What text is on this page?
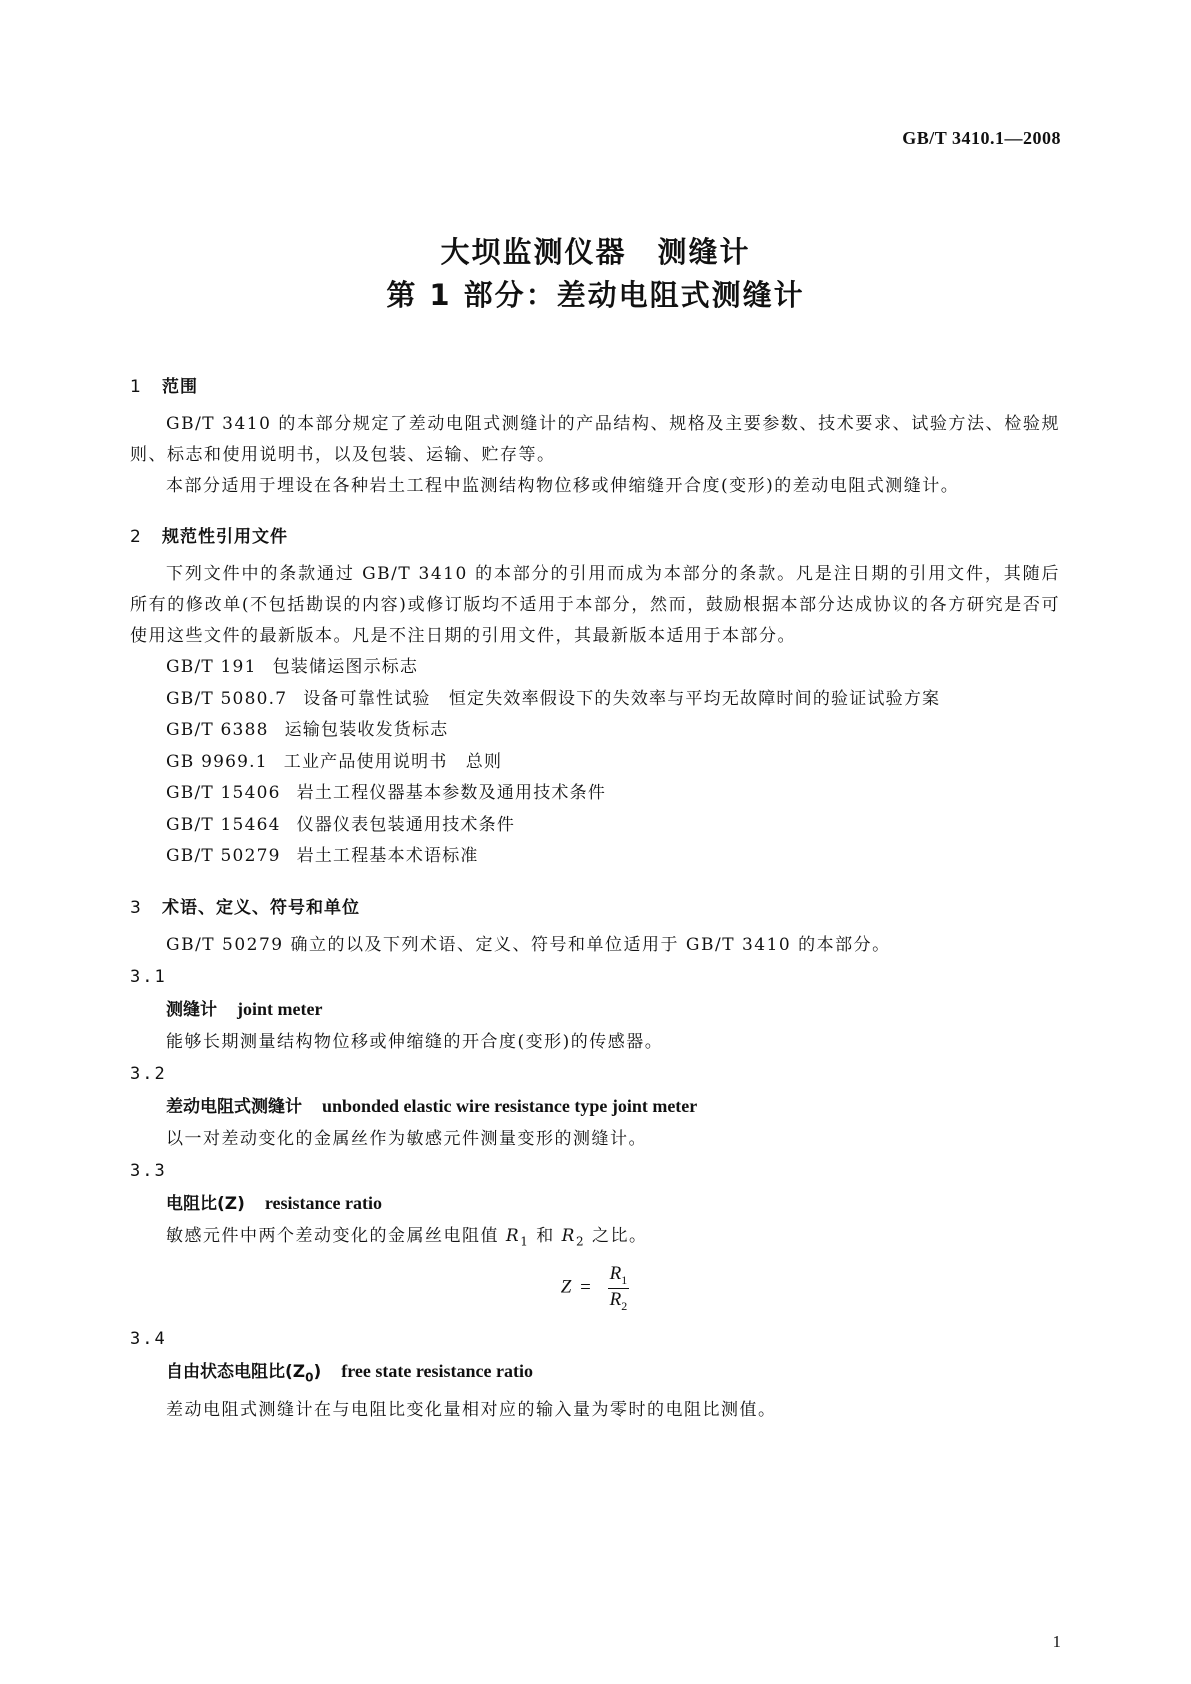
GB/T 3410.1—2008
大坝监测仪器　测缝计
第 1 部分：差动电阻式测缝计

1 范围

GB/T 3410 的本部分规定了差动电阻式测缝计的产品结构、规格及主要参数、技术要求、试验方法、检验规则、标志和使用说明书，以及包装、运输、贮存等。

本部分适用于埋设在各种岩土工程中监测结构物位移或伸缩缝开合度(变形)的差动电阻式测缝计。

2 规范性引用文件

下列文件中的条款通过 GB/T 3410 的本部分的引用而成为本部分的条款。凡是注日期的引用文件，其随后所有的修改单(不包括勘误的内容)或修订版均不适用于本部分，然而，鼓励根据本部分达成协议的各方研究是否可使用这些文件的最新版本。凡是不注日期的引用文件，其最新版本适用于本部分。

GB/T 191 包装储运图示标志
GB/T 5080.7 设备可靠性试验　恒定失效率假设下的失效率与平均无故障时间的验证试验方案
GB/T 6388 运输包装收发货标志
GB 9969.1 工业产品使用说明书　总则
GB/T 15406 岩土工程仪器基本参数及通用技术条件
GB/T 15464 仪器仪表包装通用技术条件
GB/T 50279 岩土工程基本术语标准

3 术语、定义、符号和单位

GB/T 50279 确立的以及下列术语、定义、符号和单位适用于 GB/T 3410 的本部分。

3.1

测缝计 joint meter

能够长期测量结构物位移或伸缩缝的开合度(变形)的传感器。

3.2

差动电阻式测缝计 unbonded elastic wire resistance type joint meter

以一对差动变化的金属丝作为敏感元件测量变形的测缝计。

3.3

电阻比(Z) resistance ratio

敏感元件中两个差动变化的金属丝电阻值 $R_1$ 和 $R_2$ 之比。

$Z = \frac{R_1}{R_2}$

3.4

自由状态电阻比$(Z_0)$ free state resistance ratio

差动电阻式测缝计在与电阻比变化量相对应的输入量为零时的电阻比测值。

1
